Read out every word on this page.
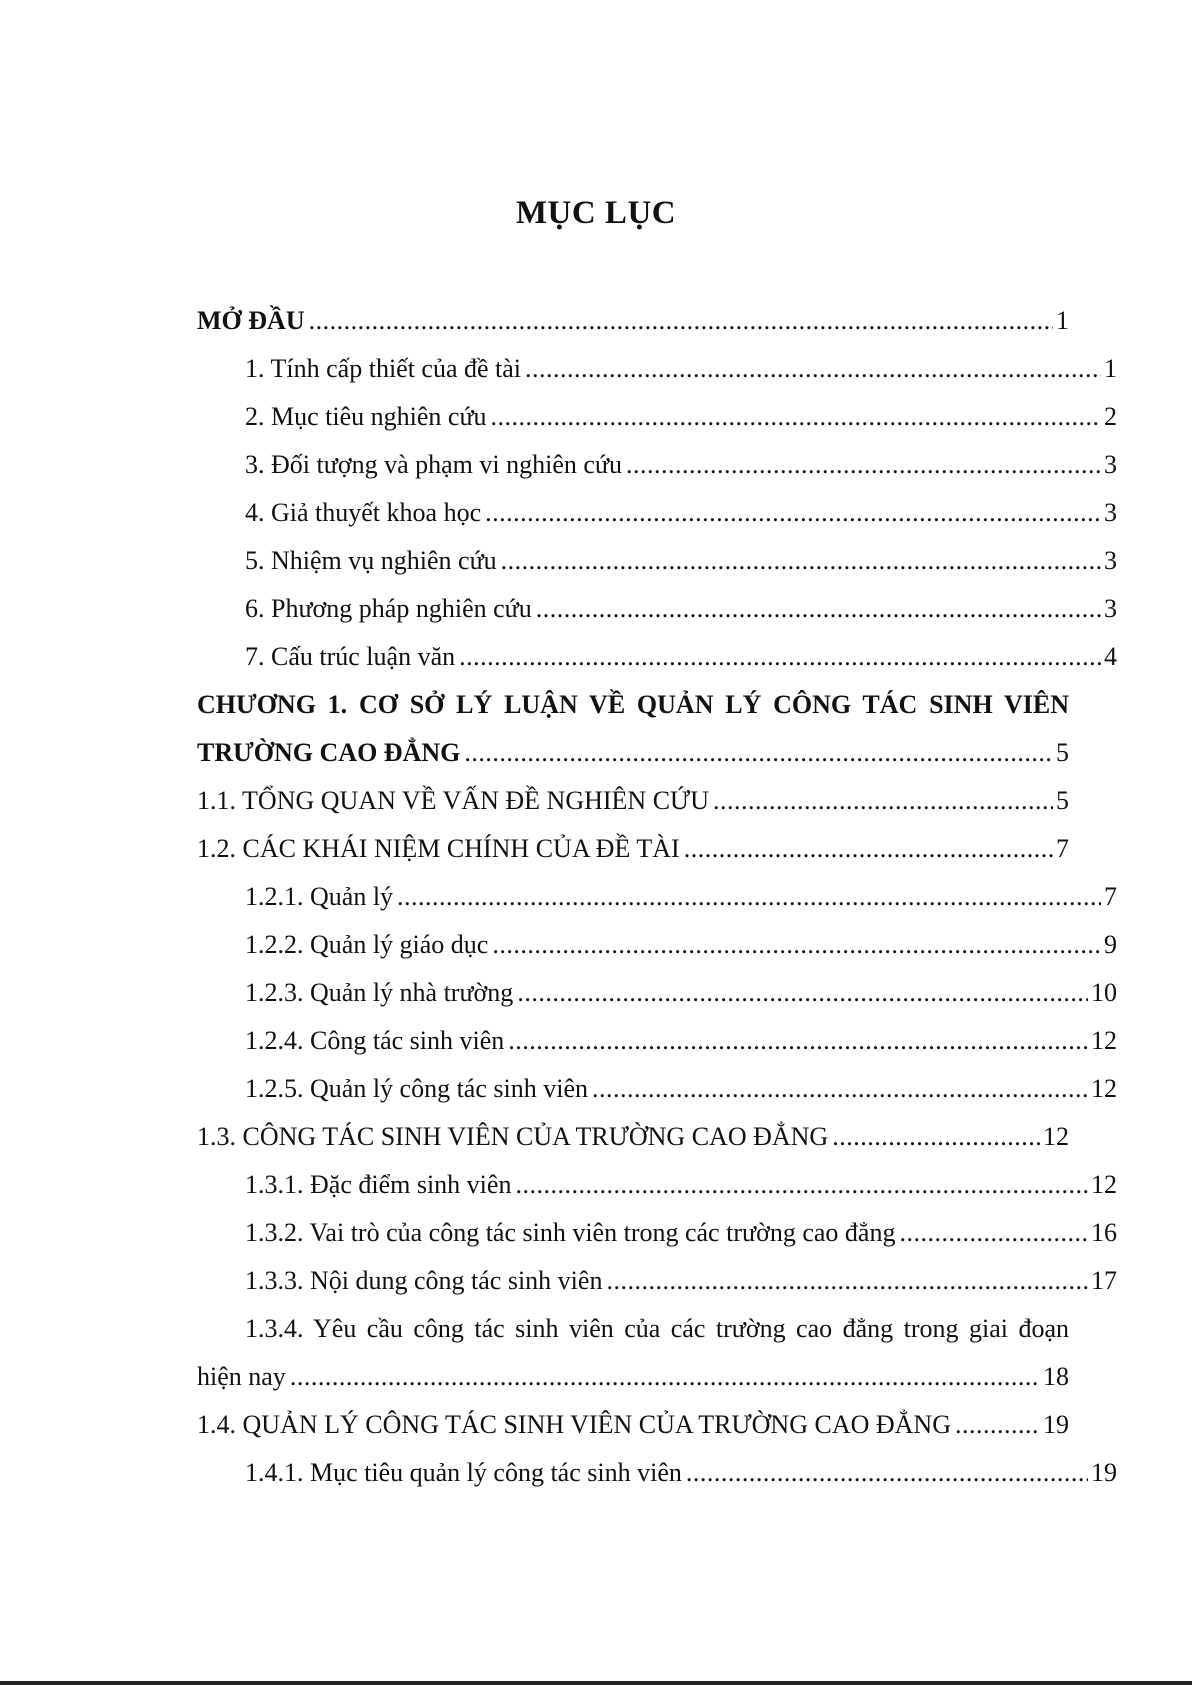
MỤC LỤC
MỞ ĐẦU .....	1
1. Tính cấp thiết của đề tài .....	1
2. Mục tiêu nghiên cứu .....	2
3. Đối tượng và phạm vi nghiên cứu .....	3
4. Giả thuyết khoa học .....	3
5. Nhiệm vụ nghiên cứu .....	3
6. Phương pháp nghiên cứu .....	3
7. Cấu trúc luận văn .....	4
CHƯƠNG 1. CƠ SỞ LÝ LUẬN VỀ QUẢN LÝ CÔNG TÁC SINH VIÊN
TRƯỜNG CAO ĐẲNG .....	5
1.1. TỔNG QUAN VỀ VẤN ĐỀ NGHIÊN CỨU .....	5
1.2. CÁC KHÁI NIỆM CHÍNH CỦA ĐỀ TÀI .....	7
1.2.1. Quản lý .....	7
1.2.2. Quản lý giáo dục .....	9
1.2.3. Quản lý nhà trường .....	10
1.2.4. Công tác sinh viên .....	12
1.2.5. Quản lý công tác sinh viên .....	12
1.3. CÔNG TÁC SINH VIÊN CỦA TRƯỜNG CAO ĐẲNG .....	12
1.3.1. Đặc điểm sinh viên .....	12
1.3.2. Vai trò của công tác sinh viên trong các trường cao đẳng .....	16
1.3.3. Nội dung công tác sinh viên .....	17
1.3.4. Yêu cầu công tác sinh viên của các trường cao đẳng trong giai đoạn
hiện nay .....	18
1.4. QUẢN LÝ CÔNG TÁC SINH VIÊN CỦA TRƯỜNG CAO ĐẲNG .....	19
1.4.1. Mục tiêu quản lý công tác sinh viên .....	19
